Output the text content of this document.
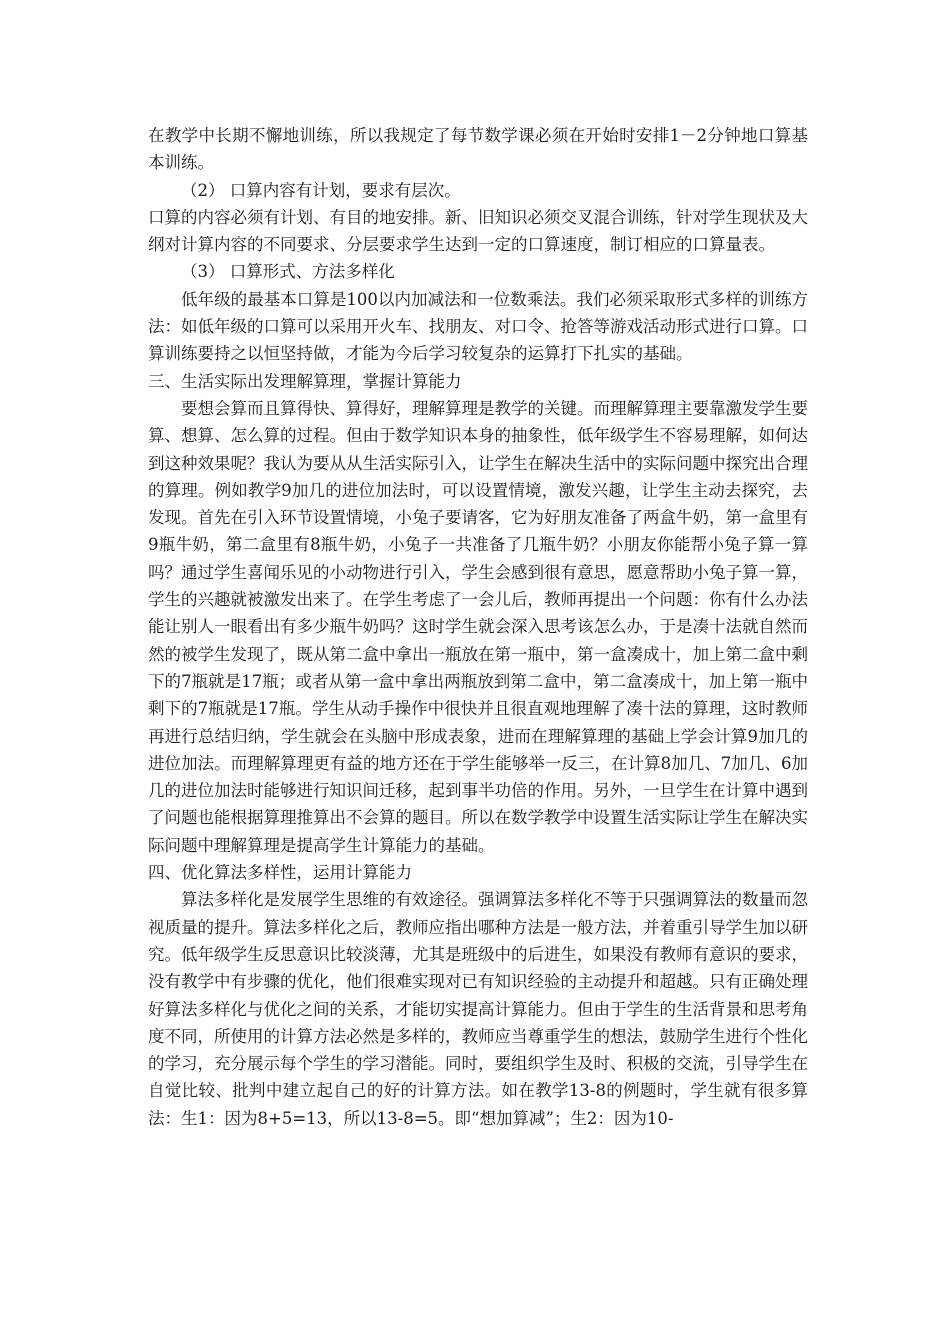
在教学中长期不懈地训练，所以我规定了每节数学课必须在开始时安排1－2分钟地口算基本训练。

（2） 口算内容有计划，要求有层次。

口算的内容必须有计划、有目的地安排。新、旧知识必须交叉混合训练，针对学生现状及大纲对计算内容的不同要求、分层要求学生达到一定的口算速度，制订相应的口算量表。

（3） 口算形式、方法多样化

低年级的最基本口算是100以内加减法和一位数乘法。我们必须采取形式多样的训练方法：如低年级的口算可以采用开火车、找朋友、对口令、抢答等游戏活动形式进行口算。口算训练要持之以恒坚持做，才能为今后学习较复杂的运算打下扎实的基础。

三、生活实际出发理解算理，掌握计算能力

要想会算而且算得快、算得好，理解算理是教学的关键。而理解算理主要靠激发学生要算、想算、怎么算的过程。但由于数学知识本身的抽象性，低年级学生不容易理解，如何达到这种效果呢？我认为要从从生活实际引入，让学生在解决生活中的实际问题中探究出合理的算理。例如教学9加几的进位加法时，可以设置情境，激发兴趣，让学生主动去探究，去发现。首先在引入环节设置情境，小兔子要请客，它为好朋友准备了两盒牛奶，第一盒里有9瓶牛奶，第二盒里有8瓶牛奶，小兔子一共准备了几瓶牛奶？小朋友你能帮小兔子算一算吗？通过学生喜闻乐见的小动物进行引入，学生会感到很有意思，愿意帮助小兔子算一算，学生的兴趣就被激发出来了。在学生考虑了一会儿后，教师再提出一个问题：你有什么办法能让别人一眼看出有多少瓶牛奶吗？这时学生就会深入思考该怎么办，于是凑十法就自然而然的被学生发现了，既从第二盒中拿出一瓶放在第一瓶中，第一盒凑成十，加上第二盒中剩下的7瓶就是17瓶；或者从第一盒中拿出两瓶放到第二盒中，第二盒凑成十，加上第一瓶中剩下的7瓶就是17瓶。学生从动手操作中很快并且很直观地理解了凑十法的算理，这时教师再进行总结归纳，学生就会在头脑中形成表象，进而在理解算理的基础上学会计算9加几的进位加法。而理解算理更有益的地方还在于学生能够举一反三，在计算8加几、7加几、6加几的进位加法时能够进行知识间迁移，起到事半功倍的作用。另外，一旦学生在计算中遇到了问题也能根据算理推算出不会算的题目。所以在数学教学中设置生活实际让学生在解决实际问题中理解算理是提高学生计算能力的基础。

四、优化算法多样性，运用计算能力

算法多样化是发展学生思维的有效途径。强调算法多样化不等于只强调算法的数量而忽视质量的提升。算法多样化之后，教师应指出哪种方法是一般方法，并着重引导学生加以研究。低年级学生反思意识比较淡薄，尤其是班级中的后进生，如果没有教师有意识的要求，没有教学中有步骤的优化，他们很难实现对已有知识经验的主动提升和超越。只有正确处理好算法多样化与优化之间的关系，才能切实提高计算能力。但由于学生的生活背景和思考角度不同，所使用的计算方法必然是多样的，教师应当尊重学生的想法，鼓励学生进行个性化的学习，充分展示每个学生的学习潜能。同时，要组织学生及时、积极的交流，引导学生在自觉比较、批判中建立起自己的好的计算方法。如在教学13-8的例题时，学生就有很多算法：生1：因为8+5=13，所以13-8=5。即“想加算减”；生2：因为10-
